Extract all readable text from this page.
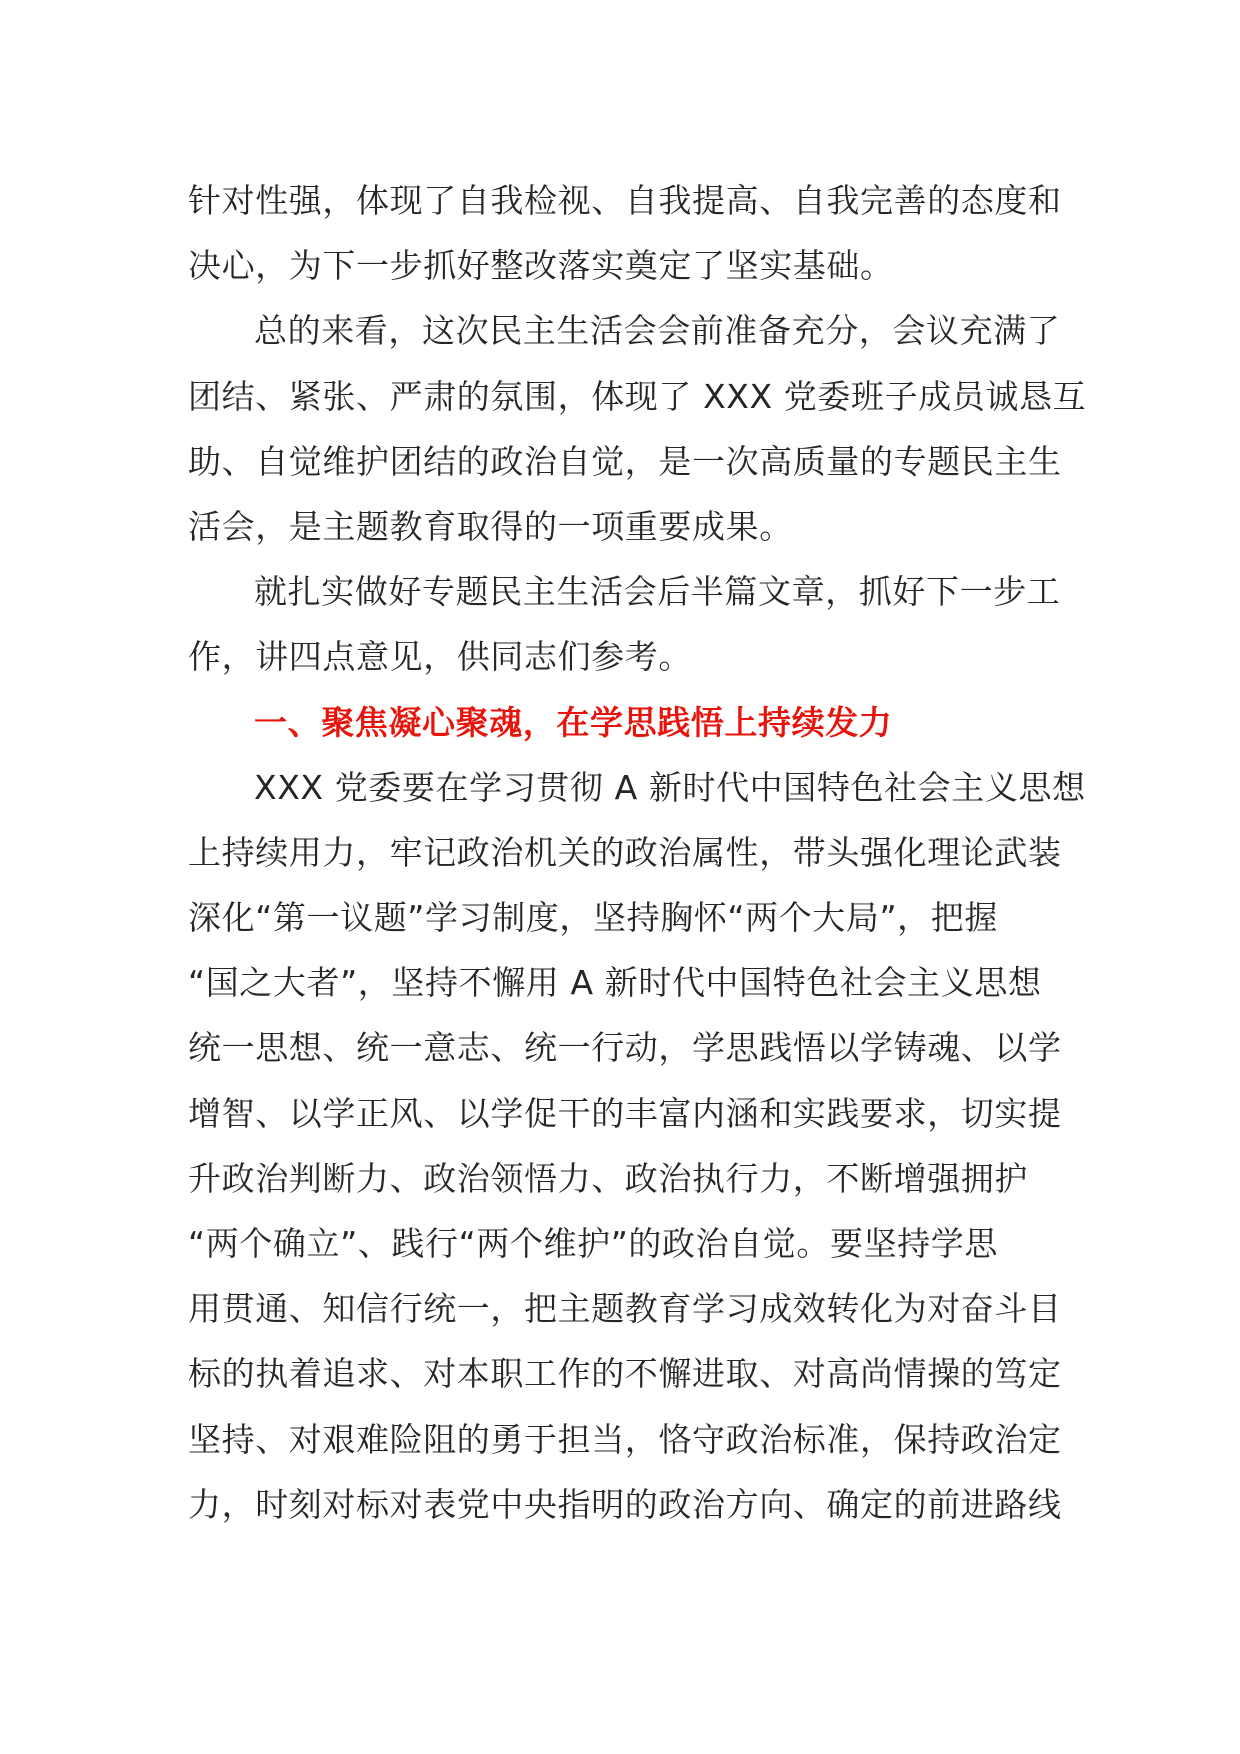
针对性强，体现了自我检视、自我提高、自我完善的态度和
决心，为下一步抓好整改落实奠定了坚实基础。
总的来看，这次民主生活会会前准备充分，会议充满了
团结、紧张、严肃的氛围，体现了 XXX 党委班子成员诚恳互
助、自觉维护团结的政治自觉，是一次高质量的专题民主生
活会，是主题教育取得的一项重要成果。
就扎实做好专题民主生活会后半篇文章，抓好下一步工
作，讲四点意见，供同志们参考。
一、聚焦凝心聚魂，在学思践悟上持续发力
XXX 党委要在学习贯彻 A 新时代中国特色社会主义思想
上持续用力，牢记政治机关的政治属性，带头强化理论武装
深化“第一议题”学习制度，坚持胸怀“两个大局”，把握
“国之大者”，坚持不懈用 A 新时代中国特色社会主义思想
统一思想、统一意志、统一行动，学思践悟以学铸魂、以学
增智、以学正风、以学促干的丰富内涵和实践要求，切实提
升政治判断力、政治领悟力、政治执行力，不断增强拥护
“两个确立”、践行“两个维护”的政治自觉。要坚持学思
用贯通、知信行统一，把主题教育学习成效转化为对奋斗目
标的执着追求、对本职工作的不懈进取、对高尚情操的笃定
坚持、对艰难险阻的勇于担当，恪守政治标准，保持政治定
力，时刻对标对表党中央指明的政治方向、确定的前进路线
